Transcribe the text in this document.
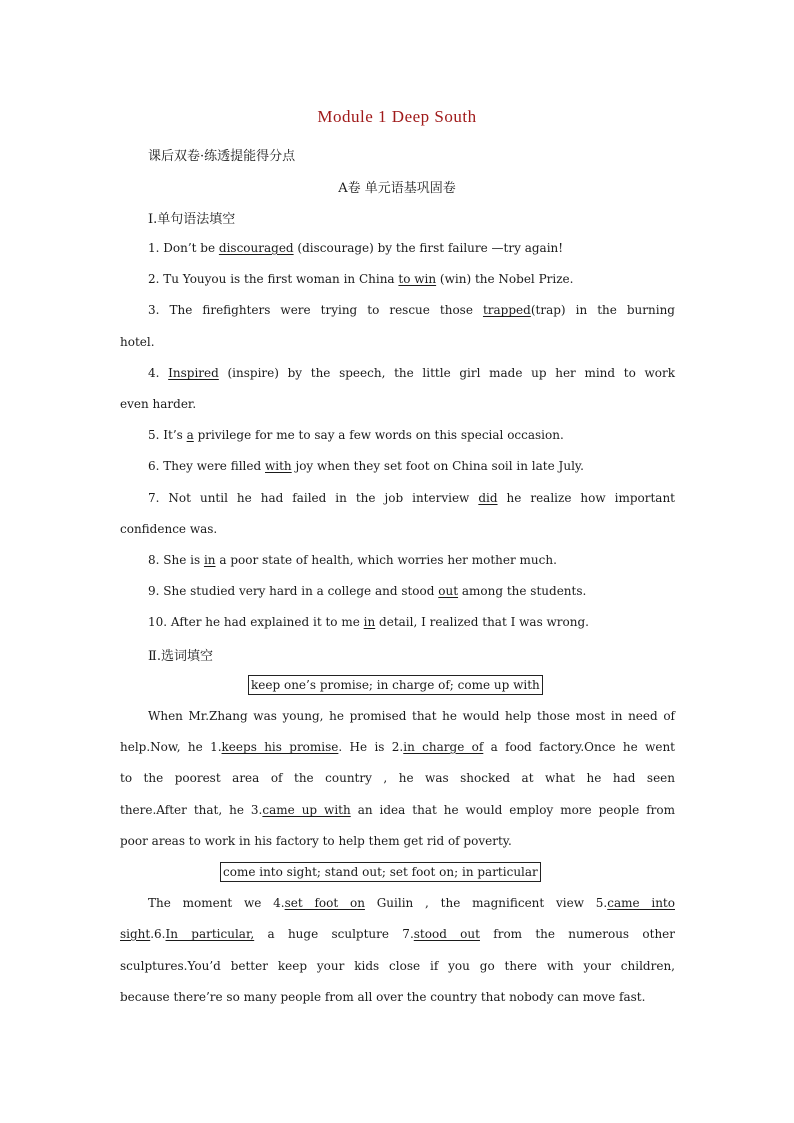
Module 1 Deep South
课后双卷·练透提能得分点
A卷 单元语基巩固卷
Ⅰ.单句语法填空
1. Don’t be discouraged (discourage) by the first failure —try again!
2. Tu Youyou is the first woman in China to win (win) the Nobel Prize.
3. The firefighters were trying to rescue those trapped(trap) in the burning
hotel.
4. Inspired (inspire) by the speech, the little girl made up her mind to work
even harder.
5. It’s a privilege for me to say a few words on this special occasion.
6. They were filled with joy when they set foot on China soil in late July.
7. Not until he had failed in the job interview did he realize how important
confidence was.
8. She is in a poor state of health, which worries her mother much.
9. She studied very hard in a college and stood out among the students.
10. After he had explained it to me in detail, I realized that I was wrong.
Ⅱ.选词填空
keep one’s promise; in charge of; come up with
When Mr.Zhang was young, he promised that he would help those most in need of
help.Now, he 1.keeps his promise. He is 2.in charge of a food factory.Once he went
to the poorest area of the country , he was shocked at what he had seen
there.After that, he 3.came up with an idea that he would employ more people from
poor areas to work in his factory to help them get rid of poverty.
come into sight; stand out; set foot on; in particular
The moment we 4.set foot on Guilin , the magnificent view 5.came into
sight.6.In particular, a huge sculpture 7.stood out from the numerous other
sculptures.You’d better keep your kids close if you go there with your children,
because there’re so many people from all over the country that nobody can move fast.
